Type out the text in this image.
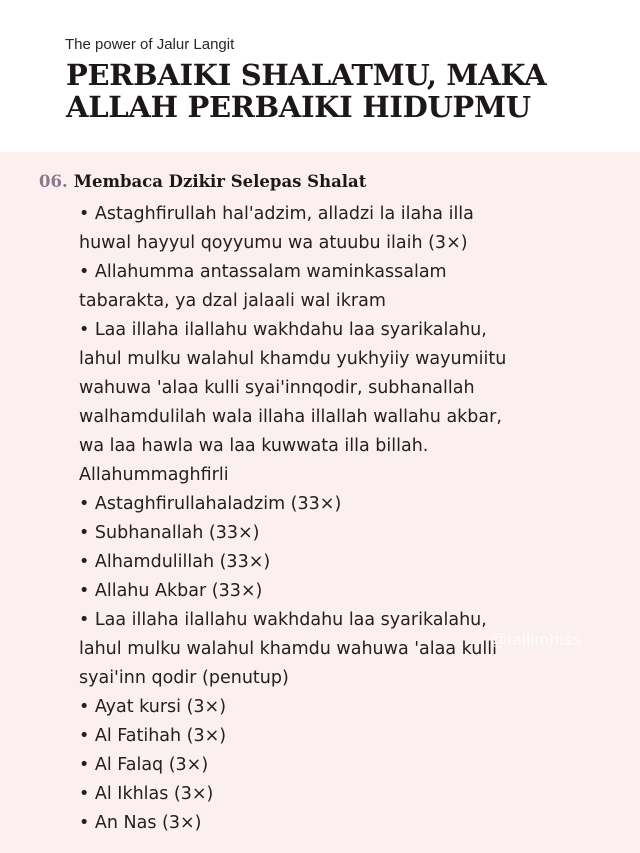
The power of Jalur Langit
PERBAIKI SHALATMU, MAKA
ALLAH PERBAIKI HIDUPMU
06. Membaca Dzikir Selepas Shalat
• Astaghfirullah hal'adzim, alladzi la ilaha illa
huwal hayyul qoyyumu wa atuubu ilaih (3×)
• Allahumma antassalam waminkassalam
tabarakta, ya dzal jalaali wal ikram
• Laa illaha ilallahu wakhdahu laa syarikalahu,
lahul mulku walahul khamdu yukhyiiy wayumiitu
wahuwa 'alaa kulli syai'innqodir, subhanallah
walhamdulilah wala illaha illallah wallahu akbar,
wa laa hawla wa laa kuwwata illa billah.
Allahummaghfirli
• Astaghfirullahaladzim (33×)
• Subhanallah (33×)
• Alhamdulillah (33×)
• Allahu Akbar (33×)
• Laa illaha ilallahu wakhdahu laa syarikalahu,
lahul mulku walahul khamdu wahuwa 'alaa kulli
syai'inn qodir (penutup)
• Ayat kursi (3×)
• Al Fatihah (3×)
• Al Falaq (3×)
• Al Ikhlas (3×)
• An Nas (3×)
@lailimhiss
